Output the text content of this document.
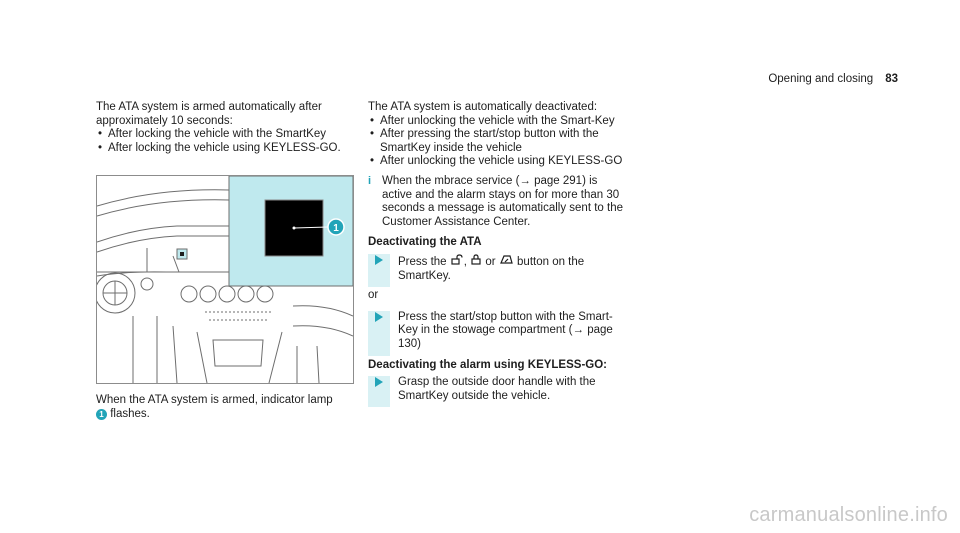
Opening and closing 83

The ATA system is armed automatically after approximately 10 seconds:

• After locking the vehicle with the SmartKey
• After locking the vehicle using KEYLESS-GO.
1

When the ATA system is armed, indicator lamp
1 flashes.

The ATA system is automatically deactivated:

• After unlocking the vehicle with the Smart-Key
• After pressing the start/stop button with the SmartKey inside the vehicle
• After unlocking the vehicle using KEYLESS-GO
i When the mbrace service (→ page 291) is active and the alarm stays on for more than 30 seconds a message is automatically sent to the Customer Assistance Center.
Deactivating the ATA
Press the , or button on the SmartKey.
or
Press the start/stop button with the Smart-Key in the stowage compartment (→ page 130)
Deactivating the alarm using KEYLESS-GO:
Grasp the outside door handle with the SmartKey outside the vehicle.
carmanualsonline.info
